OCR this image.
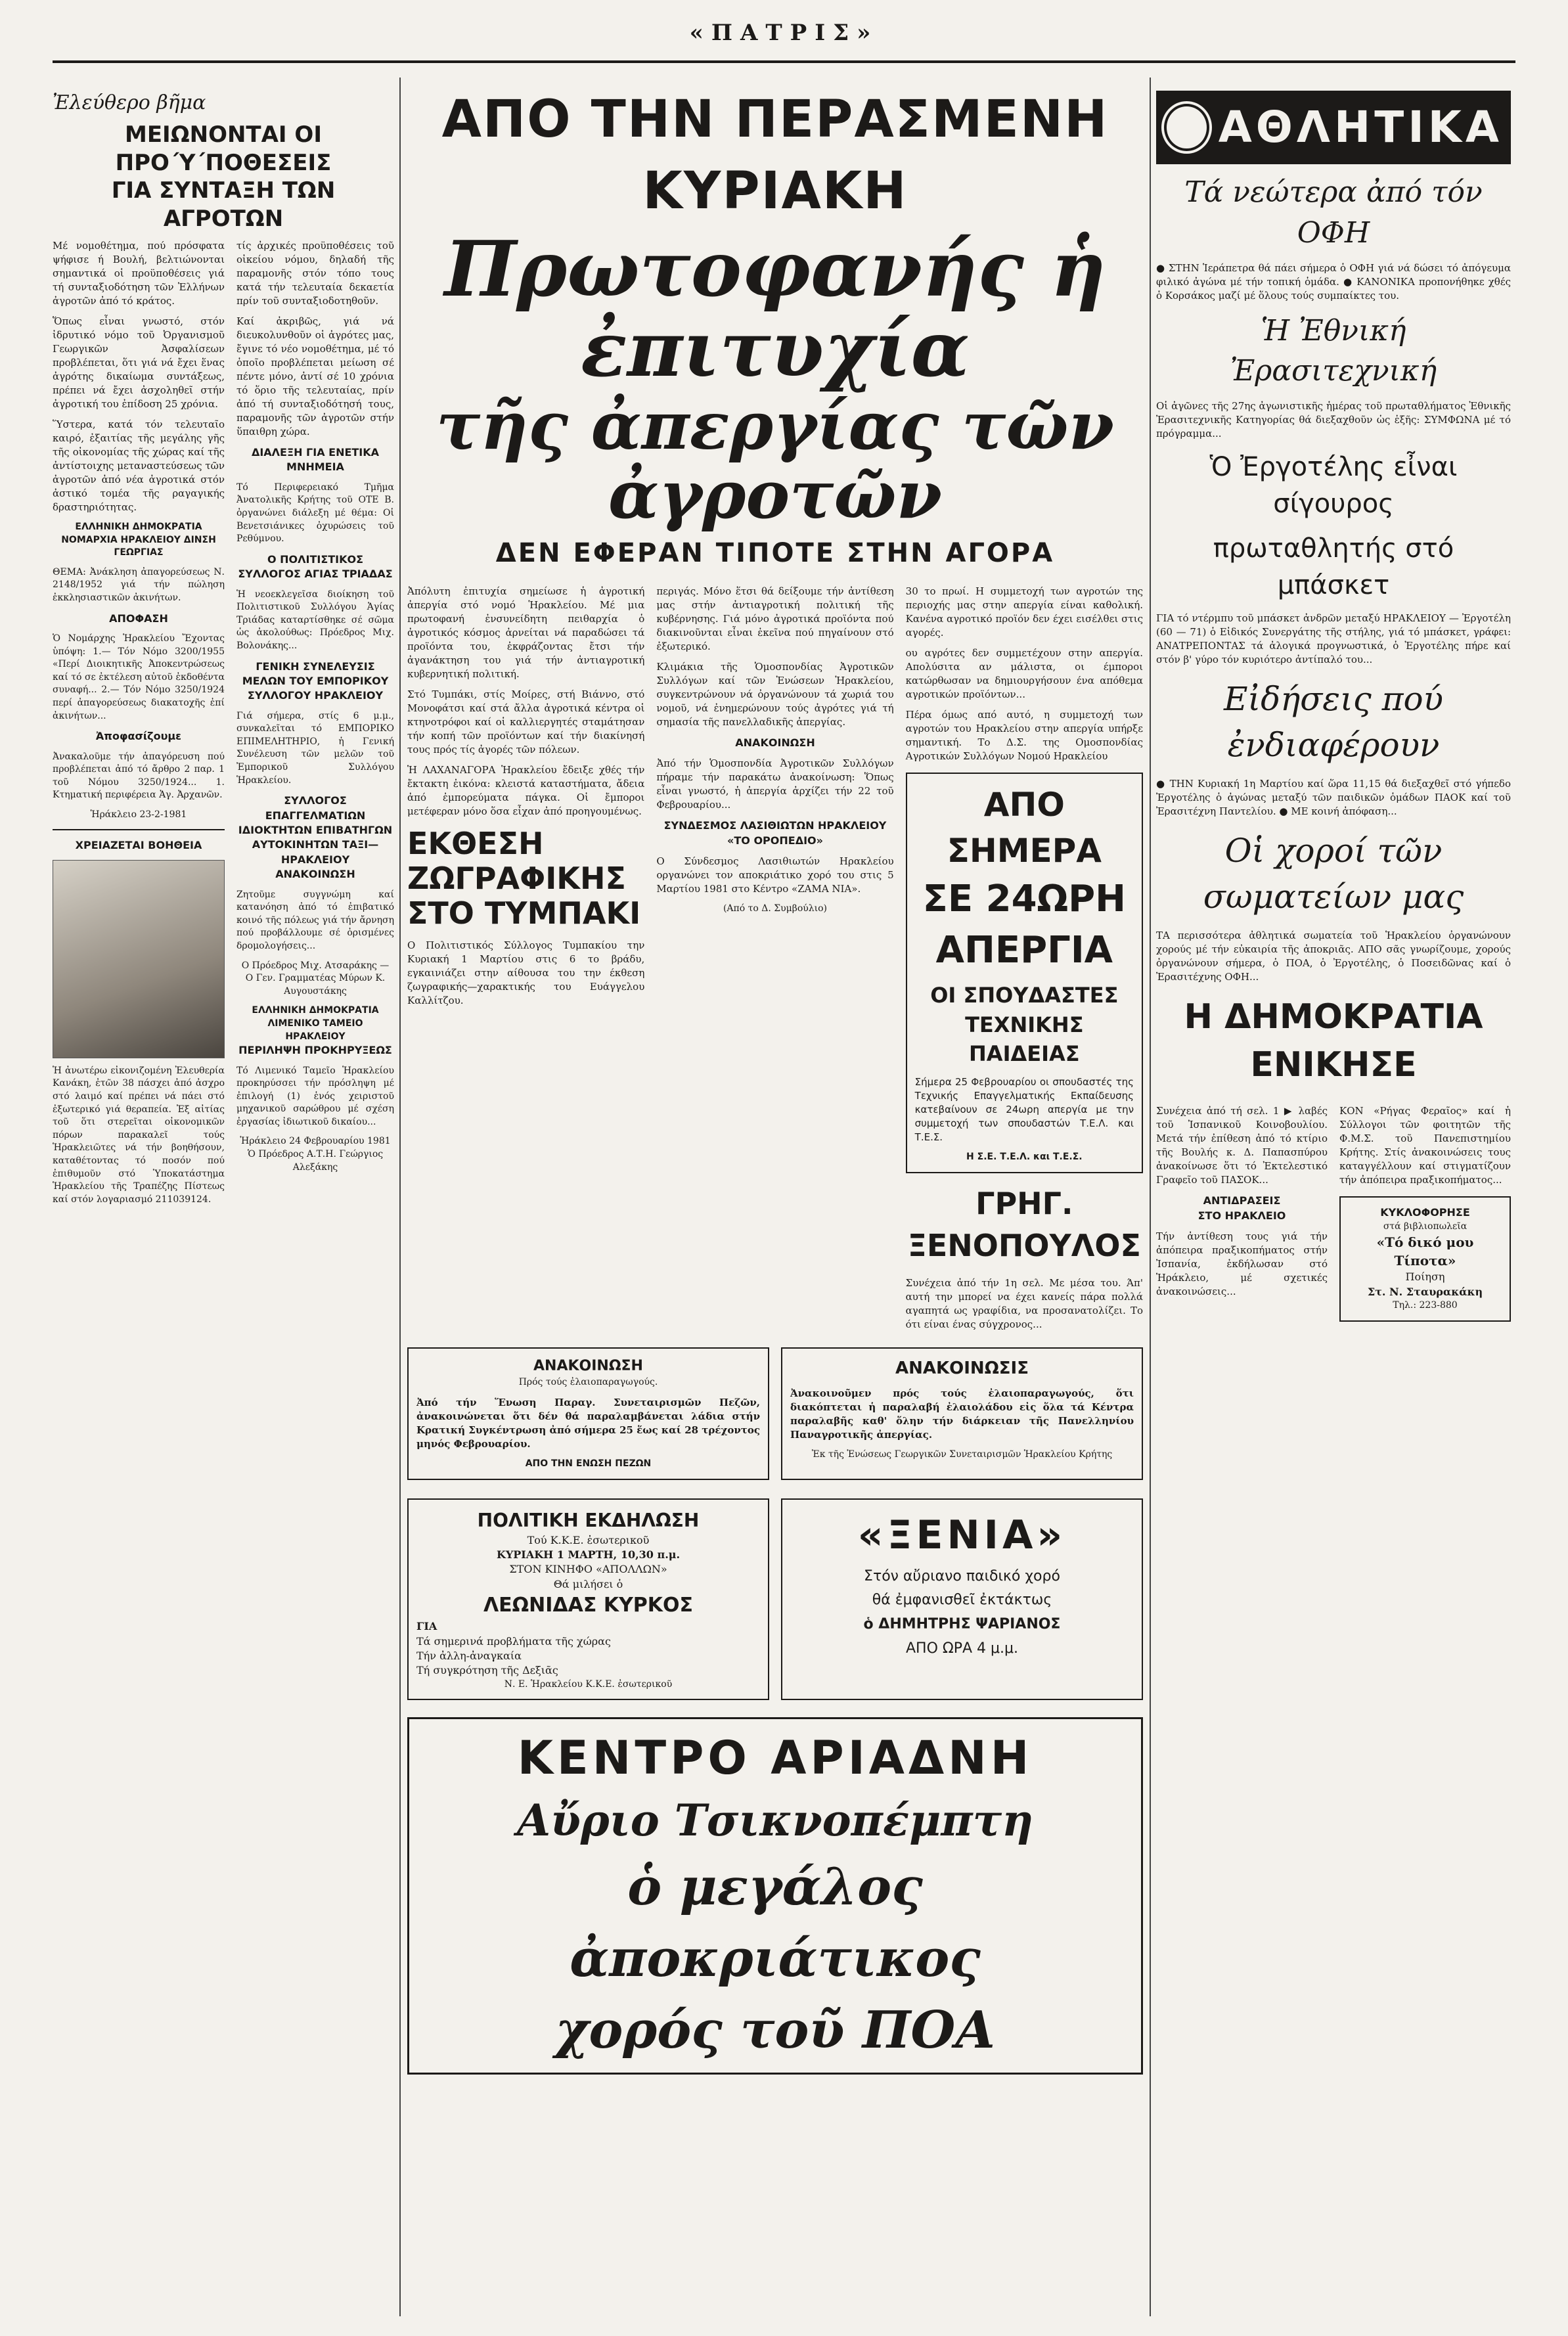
«ΠΑΤΡΙΣ»
Ἐλεύθερο βῆμα
ΜΕΙΩΝΟΝΤΑΙ ΟΙ ΠΡΟ΄Υ΄ΠΟΘΕΣΕΙΣ
ΓΙΑ ΣΥΝΤΑΞΗ ΤΩΝ ΑΓΡΟΤΩΝ

Μέ νομοθέτημα, πού πρόσφατα ψήφισε ή Βουλή, βελτιώνονται σημαντικά οἱ προϋποθέσεις γιά τή συνταξιοδότηση τῶν Ἑλλήνων ἀγροτῶν ἀπό τό κράτος.

Ὅπως εἶναι γνωστό, στόν ἰδρυτικό νόμο τοῦ Ὀργανισμοῦ Γεωργικῶν Ἀσφαλίσεων προβλέπεται, ὅτι γιά νά ἔχει ἕνας ἀγρότης δικαίωμα συντάξεως, πρέπει νά ἔχει ἀσχοληθεῖ στήν ἀγροτική του ἐπίδοση 25 χρόνια.

Ὕστερα, κατά τόν τελευταῖο καιρό, ἐξαιτίας τῆς μεγάλης γῆς τῆς οἰκονομίας τῆς χώρας καί τῆς ἀντίστοιχης μεταναστεύσεως τῶν ἀγροτῶν ἀπό νέα ἀγροτικά στόν ἀστικό τομέα τῆς ραγαγικής δραστηριότητας.

ΕΛΛΗΝΙΚΗ ΔΗΜΟΚΡΑΤΙΑ ΝΟΜΑΡΧΙΑ ΗΡΑΚΛΕΙΟΥ ΔΙΝΣΗ ΓΕΩΡΓΙΑΣ

ΘΕΜΑ: Ἀνάκληση ἀπαγορεύσεως Ν. 2148/1952 γιά τήν πώληση ἐκκλησιαστικῶν ἀκινήτων.

ΑΠΟΦΑΣΗ

Ὁ Νομάρχης Ἡρακλείου Ἔχοντας ὑπόψη: 1.— Τόν Νόμο 3200/1955 «Περί Διοικητικῆς Ἀποκεντρώσεως καί τό σε ἐκτέλεση αὐτοῦ ἐκδοθέντα συναφή... 2.— Τόν Νόμο 3250/1924 περί ἀπαγορεύσεως διακατοχῆς ἐπί ἀκινήτων...

Ἀποφασίζουμε

Ἀνακαλοῦμε τήν ἀπαγόρευση πού προβλέπεται ἀπό τό ἄρθρο 2 παρ. 1 τοῦ Νόμου 3250/1924... 1. Κτηματική περιφέρεια Ἁγ. Ἀρχανῶν.

Ἡράκλειο 23-2-1981
ΧΡΕΙΑΖΕΤΑΙ ΒΟΗΘΕΙΑ

Ἡ ἀνωτέρω εἰκονιζομένη Ἐλευθερία Κανάκη, ἐτῶν 38 πάσχει ἀπό ἀσχρο στό λαιμό καί πρέπει νά πάει στό ἐξωτερικό γιά θεραπεία. Ἐξ αἰτίας τοῦ ὅτι στερεῖται οἰκονομικῶν πόρων παρακαλεῖ τούς Ἡρακλειῶτες νά τήν βοηθήσουν, καταθέτοντας τό ποσόν πού ἐπιθυμοῦν στό Ὑποκατάστημα Ἡρακλείου τῆς Τραπέζης Πίστεως καί στόν λογαριασμό 211039124.

τίς ἀρχικές προϋποθέσεις τοῦ οἰκείου νόμου, δηλαδή τῆς παραμονῆς στόν τόπο τους κατά τήν τελευταία δεκαετία πρίν τοῦ συνταξιοδοτηθοῦν.

Καί ἀκριβῶς, γιά νά διευκολυνθοῦν οἱ ἀγρότες μας, ἔγινε τό νέο νομοθέτημα, μέ τό ὁποῖο προβλέπεται μείωση σέ πέντε μόνο, ἀντί σέ 10 χρόνια τό ὅριο τῆς τελευταίας, πρίν ἀπό τή συνταξιοδότησή τους, παραμονῆς τῶν ἀγροτῶν στήν ὕπαιθρη χώρα.

ΔΙΑΛΕΞΗ ΓΙΑ ΕΝΕΤΙΚΑ ΜΝΗΜΕΙΑ

Τό Περιφερειακό Τμῆμα Ἀνατολικῆς Κρήτης τοῦ ΟΤΕ Β. ὀργανώνει διάλεξη μέ θέμα: Οἱ Βενετσιάνικες ὀχυρώσεις τοῦ Ρεθύμνου.

Ο ΠΟΛΙΤΙΣΤΙΚΟΣ ΣΥΛΛΟΓΟΣ ΑΓΙΑΣ ΤΡΙΑΔΑΣ

Ἡ νεοεκλεγεῖσα διοίκηση τοῦ Πολιτιστικοῦ Συλλόγου Ἁγίας Τριάδας καταρτίσθηκε σέ σῶμα ὡς ἀκολούθως: Πρόεδρος Μιχ. Βολονάκης...

ΓΕΝΙΚΗ ΣΥΝΕΛΕΥΣΙΣ ΜΕΛΩΝ ΤΟΥ ΕΜΠΟΡΙΚΟΥ ΣΥΛΛΟΓΟΥ ΗΡΑΚΛΕΙΟΥ

Γιά σήμερα, στίς 6 μ.μ., συνκαλεῖται τό ΕΜΠΟΡΙΚΟ ΕΠΙΜΕΛΗΤΗΡΙΟ, ἡ Γενική Συνέλευση τῶν μελῶν τοῦ Ἐμπορικοῦ Συλλόγου Ἡρακλείου.

ΣΥΛΛΟΓΟΣ ΕΠΑΓΓΕΛΜΑΤΙΩΝ ΙΔΙΟΚΤΗΤΩΝ ΕΠΙΒΑΤΗΓΩΝ ΑΥΤΟΚΙΝΗΤΩΝ ΤΑΞΙ—ΗΡΑΚΛΕΙΟΥ
ΑΝΑΚΟΙΝΩΣΗ

Ζητοῦμε συγγνώμη καί κατανόηση ἀπό τό ἐπιβατικό κοινό τῆς πόλεως γιά τήν ἄρνηση πού προβάλλουμε σέ ὀρισμένες δρομολογήσεις...

Ο Πρόεδρος Μιχ. Ατσαράκης — Ο Γεν. Γραμματέας Μύρων Κ. Αυγουστάκης
ΕΛΛΗΝΙΚΗ ΔΗΜΟΚΡΑΤΙΑ ΛΙΜΕΝΙΚΟ ΤΑΜΕΙΟ ΗΡΑΚΛΕΙΟΥ
ΠΕΡΙΛΗΨΗ ΠΡΟΚΗΡΥΞΕΩΣ

Τό Λιμενικό Ταμεῖο Ἡρακλείου προκηρύσσει τήν πρόσληψη μέ ἐπιλογή (1) ἑνός χειριστοῦ μηχανικοῦ σαρώθρου μέ σχέση ἐργασίας ἰδιωτικοῦ δικαίου...

Ἡράκλειο 24 Φεβρουαρίου 1981 Ὁ Πρόεδρος Α.Τ.Η. Γεώργιος Αλεξάκης
ΑΠΟ ΤΗΝ ΠΕΡΑΣΜΕΝΗ ΚΥΡΙΑΚΗ
Πρωτοφανής ἡ ἐπιτυχία
τῆς ἀπεργίας τῶν ἀγροτῶν
ΔΕΝ ΕΦΕΡΑΝ ΤΙΠΟΤΕ ΣΤΗΝ ΑΓΟΡΑ

Ἀπόλυτη ἐπιτυχία σημείωσε ἡ ἀγροτική ἀπεργία στό νομό Ἡρακλείου. Μέ μια πρωτοφανή ἐνσυνείδητη πειθαρχία ὁ ἀγροτικός κόσμος ἀρνείται νά παραδώσει τά προϊόντα του, ἐκφράζοντας ἔτσι τήν ἀγανάκτηση του γιά τήν ἀντιαγροτική κυβερνητική πολιτική.

Στό Τυμπάκι, στίς Μοίρες, στή Βιάννο, στό Μονοφάτσι καί στά ἄλλα ἀγροτικά κέντρα οἱ κτηνοτρόφοι καί οἱ καλλιεργητές σταμάτησαν τήν κοπή τῶν προϊόντων καί τήν διακίνησή τους πρός τίς ἀγορές τῶν πόλεων.

Ἡ ΛΑΧΑΝΑΓΟΡΑ Ἡρακλείου ἔδειξε χθές τήν ἔκτακτη ἐικόνα: κλειστά καταστήματα, ἄδεια ἀπό ἐμπορεύματα πάγκα. Οἱ ἔμποροι μετέφεραν μόνο ὅσα εἶχαν ἀπό προηγουμένως.

ΕΚΘΕΣΗ ΖΩΓΡΑΦΙΚΗΣ ΣΤΟ ΤΥΜΠΑΚΙ

Ο Πολιτιστικός Σύλλογος Τυμπακίου την Κυριακή 1 Μαρτίου στις 6 το βράδυ, εγκαινιάζει στην αίθουσα του την έκθεση ζωγραφικής—χαρακτικής του Ευάγγελου Καλλίτζου.

περιγάς. Μόνο ἕτσι θά δείξουμε τήν ἀντίθεση μας στήν ἀντιαγροτική πολιτική τῆς κυβέρνησης. Γιά μόνο ἀγροτικά προϊόντα πού διακινοῦνται εἶναι ἐκεῖνα πού πηγαίνουν στό ἐξωτερικό.

Κλιμάκια τῆς Ὁμοσπονδίας Ἀγροτικῶν Συλλόγων καί τῶν Ἑνώσεων Ἡρακλείου, συγκεντρώνουν νά ὀργανώνουν τά χωριά του νομοῦ, νά ἐνημερώνουν τούς ἀγρότες γιά τή σημασία τῆς πανελλαδικῆς ἀπεργίας.

ΑΝΑΚΟΙΝΩΣΗ

Ἀπό τήν Ὁμοσπονδία Ἀγροτικῶν Συλλόγων πήραμε τήν παρακάτω ἀνακοίνωση: Ὅπως εἶναι γνωστό, ἡ ἀπεργία ἀρχίζει τήν 22 τοῦ Φεβρουαρίου...

ΣΥΝΔΕΣΜΟΣ ΛΑΣΙΘΙΩΤΩΝ ΗΡΑΚΛΕΙΟΥ «ΤΟ ΟΡΟΠΕΔΙΟ»

Ο Σύνδεσμος Λασιθιωτών Ηρακλείου οργανώνει τον αποκριάτικο χορό του στις 5 Μαρτίου 1981 στο Κέντρο «ΖΑΜΑ ΝΙΑ».

(Από το Δ. Συμβούλιο)

30 το πρωί. Η συμμετοχή των αγροτών της περιοχής μας στην απεργία είναι καθολική. Κανένα αγροτικό προϊόν δεν έχει εισέλθει στις αγορές.

ου αγρότες δεν συμμετέχουν στην απεργία. Απολύσιτα αν μάλιστα, οι έμποροι κατώρθωσαν να δημιουργήσουν ένα απόθεμα αγροτικών προϊόντων...

Πέρα όμως από αυτό, η συμμετοχή των αγροτών του Ηρακλείου στην απεργία υπήρξε σημαντική. Το Δ.Σ. της Ομοσπονδίας Αγροτικών Συλλόγων Νομού Ηρακλείου

ΑΠΟ ΣΗΜΕΡΑ
ΣΕ 24ΩΡΗ ΑΠΕΡΓΙΑ
ΟΙ ΣΠΟΥΔΑΣΤΕΣ ΤΕΧΝΙΚΗΣ ΠΑΙΔΕΙΑΣ

Σήμερα 25 Φεβρουαρίου οι σπουδαστές της Τεχνικής Επαγγελματικής Εκπαίδευσης κατεβαίνουν σε 24ωρη απεργία με την συμμετοχή των σπουδαστών Τ.Ε.Λ. και Τ.Ε.Σ.

Η Σ.Ε. Τ.Ε.Λ. και Τ.Ε.Σ.
ΓΡΗΓ. ΞΕΝΟΠΟΥΛΟΣ

Συνέχεια ἀπό τήν 1η σελ. Με μέσα του. Άπ' αυτή την μπορεί να έχει κανείς πάρα πολλά αγαπητά ως γραφίδια, να προσανατολίζει. Το ότι είναι ένας σύγχρονος...

ΑΝΑΚΟΙΝΩΣΗ
Πρός τούς ἐλαιοπαραγωγούς.

Ἀπό τήν Ἕνωση Παραγ. Συνεταιρισμῶν Πεζῶν, ἀνακοινώνεται ὅτι δέν θά παραλαμβάνεται λάδια στήν Κρατική Συγκέντρωση ἀπό σήμερα 25 ἕως καί 28 τρέχοντος μηνός Φεβρουαρίου.

ΑΠΟ ΤΗΝ ΕΝΩΣΗ ΠΕΖΩΝ
ΑΝΑΚΟΙΝΩΣΙΣ

Ἀνακοινοῦμεν πρός τούς ἐλαιοπαραγωγούς, ὅτι διακόπτεται ἡ παραλαβή ἐλαιολάδου εἰς ὅλα τά Κέντρα παραλαβῆς καθ' ὅλην τήν διάρκειαν τῆς Πανελληνίου Παναγροτικῆς ἀπεργίας.

Ἐκ τῆς Ἑνώσεως Γεωργικῶν Συνεταιρισμῶν Ἡρακλείου Κρήτης
ΠΟΛΙΤΙΚΗ ΕΚΔΗΛΩΣΗ
Τού Κ.Κ.Ε. ἐσωτερικοῦ
ΚΥΡΙΑΚΗ 1 ΜΑΡΤΗ, 10,30 π.μ.
ΣΤΟΝ ΚΙΝΗΦΟ «ΑΠΟΛΛΩΝ»
Θά μιλήσει ὁ
ΛΕΩΝΙΔΑΣ ΚΥΡΚΟΣ
ΓΙΑ
Τά σημερινά προβλήματα τῆς χώρας
Τήν ἀλλη-ἀναγκαία
Τή συγκρότηση τῆς Δεξιᾶς
Ν. Ε. Ἡρακλείου Κ.Κ.Ε. ἐσωτερικοῦ
«ΞΕΝΙΑ»
Στόν αὔριανο παιδικό χορό
θά ἐμφανισθεῖ ἐκτάκτως
ὁ ΔΗΜΗΤΡΗΣ ΨΑΡΙΑΝΟΣ
ΑΠΟ ΩΡΑ 4 μ.μ.
ΚΕΝΤΡΟ ΑΡΙΑΔΝΗ
Αὔριο Τσικνοπέμπτη
ὁ μεγάλος ἀποκριάτικος
χορός τοῦ ΠΟΑ
ΑΘΛΗΤΙΚΑ
Τά νεώτερα ἀπό τόν ΟΦΗ

● ΣΤΗΝ Ἱεράπετρα θά πάει σήμερα ὁ ΟΦΗ γιά νά δώσει τό ἀπόγευμα φιλικό ἀγώνα μέ τήν τοπική ὁμάδα. ● ΚΑΝΟΝΙΚΑ προπονήθηκε χθές ὁ Κορσάκος μαζί μέ ὅλους τούς συμπαίκτες του.

Ἡ Ἐθνική Ἐρασιτεχνική

Οἱ ἀγῶνες τῆς 27ης ἀγωνιστικῆς ἡμέρας τοῦ πρωταθλήματος Ἐθνικῆς Ἐρασιτεχνικῆς Κατηγορίας θά διεξαχθοῦν ὡς ἑξῆς: ΣΥΜΦΩΝΑ μέ τό πρόγραμμα...

Ὁ Ἐργοτέλης εἶναι σίγουρος
πρωταθλητής στό μπάσκετ

ΓΙΑ τό ντέρμπυ τοῦ μπάσκετ ἀνδρῶν μεταξύ ΗΡΑΚΛΕΙΟΥ — Ἐργοτέλη (60 — 71) ὁ Εἰδικός Συνεργάτης τῆς στήλης, γιά τό μπάσκετ, γράφει: ΑΝΑΤΡΕΠΟΝΤΑΣ τά ἀλογικά προγνωστικά, ὁ Ἐργοτέλης πήρε καί στόν β' γύρο τόν κυριότερο ἀντίπαλό του...

Εἰδήσεις πού ἐνδιαφέρουν

● ΤΗΝ Κυριακή 1η Μαρτίου καί ὥρα 11,15 θά διεξαχθεῖ στό γήπεδο Ἐργοτέλης ὁ ἀγώνας μεταξύ τῶν παιδικῶν ὁμάδων ΠΑΟΚ καί τοῦ Ἐρασιτέχνη Παντελίου. ● ΜΕ κοινή ἀπόφαση...

Οἱ χοροί τῶν σωματείων μας

ΤΑ περισσότερα ἀθλητικά σωματεία τοῦ Ἡρακλείου ὀργανώνουν χορούς μέ τήν εὐκαιρία τῆς ἀποκριᾶς. ΑΠΟ σᾶς γνωρίζουμε, χορούς ὀργανώνουν σήμερα, ὁ ΠΟΑ, ὁ Ἐργοτέλης, ὁ Ποσειδῶνας καί ὁ Ἐρασιτέχνης ΟΦΗ...

Η ΔΗΜΟΚΡΑΤΙΑ ΕΝΙΚΗΣΕ

Συνέχεια ἀπό τή σελ. 1 ▶ λαβές τοῦ Ἰσπανικοῦ Κοινοβουλίου. Μετά τήν ἐπίθεση ἀπό τό κτίριο τῆς Βουλής κ. Δ. Παπασπύρου ἀνακοίνωσε ὅτι τό Ἐκτελεστικό Γραφεῖο τοῦ ΠΑΣΟΚ...

ΑΝΤΙΔΡΑΣΕΙΣ
ΣΤΟ ΗΡΑΚΛΕΙΟ

Τήν ἀντίθεση τους γιά τήν ἀπόπειρα πραξικοπήματος στήν Ἰσπανία, ἐκδήλωσαν στό Ἡράκλειο, μέ σχετικές ἀνακοινώσεις...

ΚΟΝ «Ρήγας Φεραῖος» καί ἡ Σύλλογοι τῶν φοιτητῶν τῆς Φ.Μ.Σ. τοῦ Πανεπιστημίου Κρήτης. Στίς ἀνακοινώσεις τους καταγγέλλουν καί στιγματίζουν τήν ἀπόπειρα πραξικοπήματος...

ΚΥΚΛΟΦΟΡΗΣΕ
στά βιβλιοπωλεῖα
«Τό δικό μου Τίποτα»
Ποίηση
Στ. Ν. Σταυρακάκη
Τηλ.: 223-880
